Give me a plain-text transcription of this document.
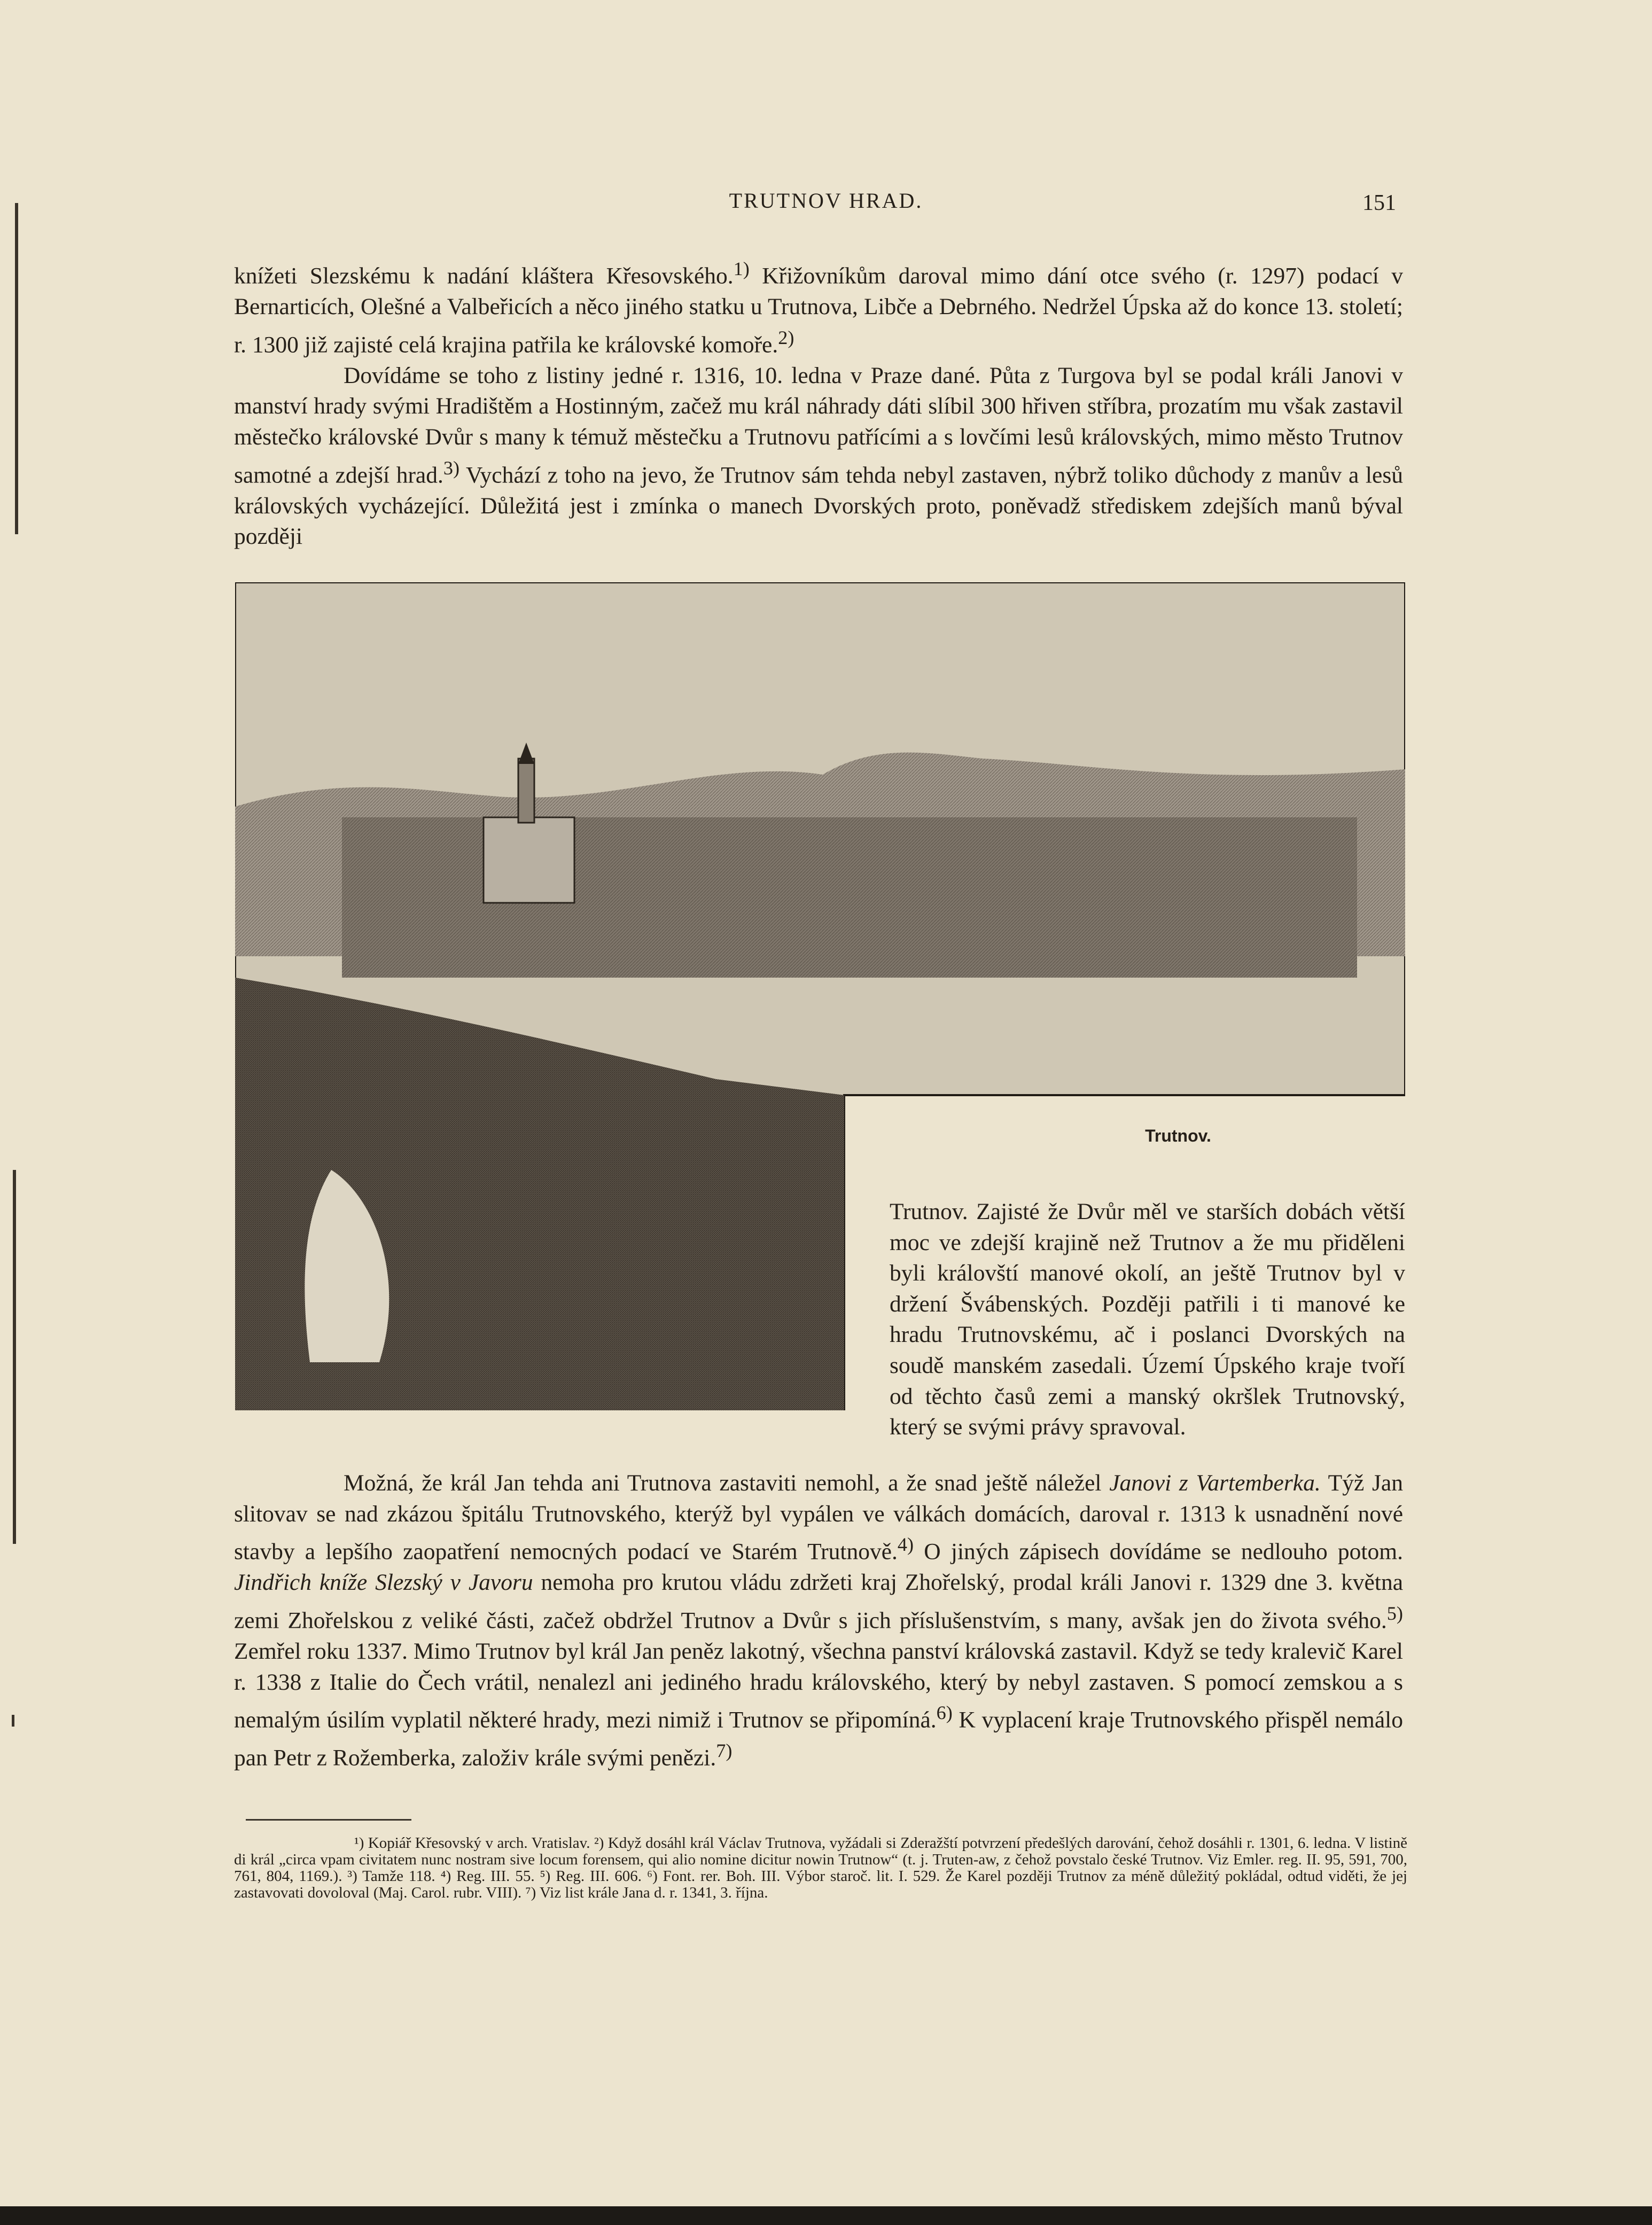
TRUTNOV HRAD.	151

knížeti Slezskému k nadání kláštera Křesovského.$^{1)}$ Křižovníkům daroval mimo dání otce svého (r. 1297) podací v Bernarticích, Olešné a Valbeřicích a něco jiného statku u Trutnova, Libče a Debrného. Nedržel Úpska až do konce 13. století; r. 1300 již zajisté celá krajina patřila ke královské komoře.$^{2)}$

Dovídáme se toho z listiny jedné r. 1316, 10. ledna v Praze dané. Půta z Turgova byl se podal králi Janovi v manství hrady svými Hradištěm a Hostinným, začež mu král náhrady dáti slíbil 300 hřiven stříbra, prozatím mu však zastavil městečko královské Dvůr s many k témuž městečku a Trutnovu patřícími a s lovčími lesů královských, mimo město Trutnov samotné a zdejší hrad.$^{3)}$ Vychází z toho na jevo, že Trutnov sám tehda nebyl zastaven, nýbrž toliko důchody z manův a lesů královských vycházející. Důležitá jest i zmínka o manech Dvorských proto, poněvadž střediskem zdejších manů býval později

Trutnov.

Trutnov. Zajisté že Dvůr měl ve starších dobách větší moc ve zdejší krajině než Trutnov a že mu přiděleni byli královští manové okolí, an ještě Trutnov byl v držení Švábenských. Později patřili i ti manové ke hradu Trutnovskému, ač i poslanci Dvorských na soudě manském zasedali. Území Úpského kraje tvoří od těchto časů zemi a manský okršlek Trutnovský, který se svými právy spravoval.

Možná, že král Jan tehda ani Trutnova zastaviti nemohl, a že snad ještě náležel Janovi z Vartemberka. Týž Jan slitovav se nad zkázou špitálu Trutnovského, kterýž byl vypálen ve válkách domácích, daroval r. 1313 k usnadnění nové stavby a lepšího zaopatření nemocných podací ve Starém Trutnově.$^{4)}$ O jiných zápisech dovídáme se nedlouho potom. Jindřich kníže Slezský v Javoru nemoha pro krutou vládu zdržeti kraj Zhořelský, prodal králi Janovi r. 1329 dne 3. května zemi Zhořelskou z veliké části, začež obdržel Trutnov a Dvůr s jich příslušenstvím, s many, avšak jen do života svého.$^{5)}$ Zemřel roku 1337. Mimo Trutnov byl král Jan peněz lakotný, všechna panství královská zastavil. Když se tedy kralevič Karel r. 1338 z Italie do Čech vrátil, nenalezl ani jediného hradu královského, který by nebyl zastaven. S pomocí zemskou a s nemalým úsilím vyplatil některé hrady, mezi nimiž i Trutnov se připomíná.$^{6)}$ K vyplacení kraje Trutnovského přispěl nemálo pan Petr z Rožemberka, založiv krále svými penězi.$^{7)}$

¹) Kopiář Křesovský v arch. Vratislav. ²) Když dosáhl král Václav Trutnova, vyžádali si Zderažští potvrzení předešlých darování, čehož dosáhli r. 1301, 6. ledna. V listině di král „circa vpam civitatem nunc nostram sive locum forensem, qui alio nomine dicitur nowin Trutnow“ (t. j. Truten-aw, z čehož povstalo české Trutnov. Viz Emler. reg. II. 95, 591, 700, 761, 804, 1169.). ³) Tamže 118. ⁴) Reg. III. 55. ⁵) Reg. III. 606. ⁶) Font. rer. Boh. III. Výbor staroč. lit. I. 529. Že Karel později Trutnov za méně důležitý pokládal, odtud viděti, že jej zastavovati dovoloval (Maj. Carol. rubr. VIII). ⁷) Viz list krále Jana d. r. 1341, 3. října.
